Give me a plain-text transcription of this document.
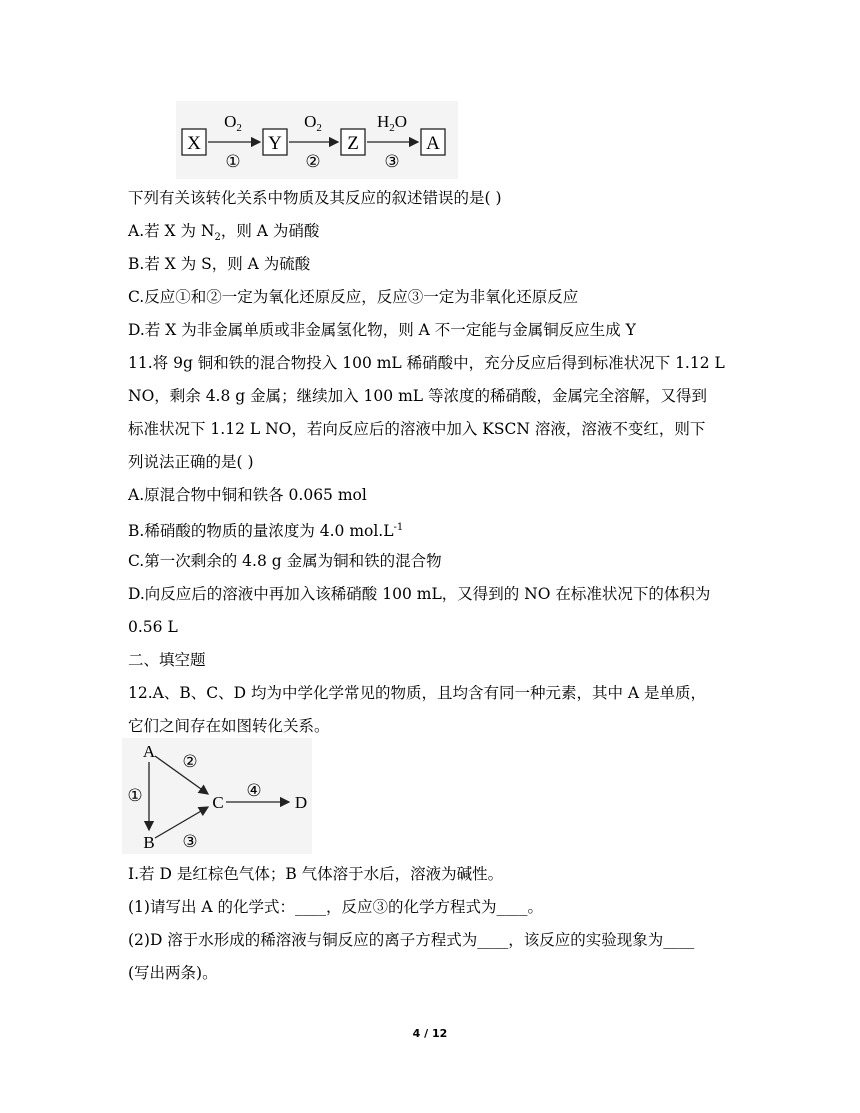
X	Y	Z	A
$O_2$
①
$O_2$
②
$H_2O$
③
下列有关该转化关系中物质及其反应的叙述错误的是( )
A.若 X 为 $N_2$，则 A 为硝酸
B.若 X 为 S，则 A 为硫酸
C.反应①和②一定为氧化还原反应，反应③一定为非氧化还原反应
D.若 X 为非金属单质或非金属氢化物，则 A 不一定能与金属铜反应生成 Y
11.将 9g 铜和铁的混合物投入 100 mL 稀硝酸中，充分反应后得到标准状况下 1.12 L
NO，剩余 4.8 g 金属；继续加入 100 mL 等浓度的稀硝酸，金属完全溶解，又得到
标准状况下 1.12 L NO，若向反应后的溶液中加入 KSCN 溶液，溶液不变红，则下
列说法正确的是( )
A.原混合物中铜和铁各 0.065 mol
B.稀硝酸的物质的量浓度为 4.0 $mol.L^{-1}$
C.第一次剩余的 4.8 g 金属为铜和铁的混合物
D.向反应后的溶液中再加入该稀硝酸 100 mL，又得到的 NO 在标准状况下的体积为
0.56 L
二、填空题
12.A、B、C、D 均为中学化学常见的物质，且均含有同一种元素，其中 A 是单质，
它们之间存在如图转化关系。
A
B
C	D
①
②
③
④
Ⅰ.若 D 是红棕色气体；B 气体溶于水后，溶液为碱性。
(1)请写出 A 的化学式：____，反应③的化学方程式为____。
(2)D 溶于水形成的稀溶液与铜反应的离子方程式为____，该反应的实验现象为____
(写出两条)。
4 / 12
